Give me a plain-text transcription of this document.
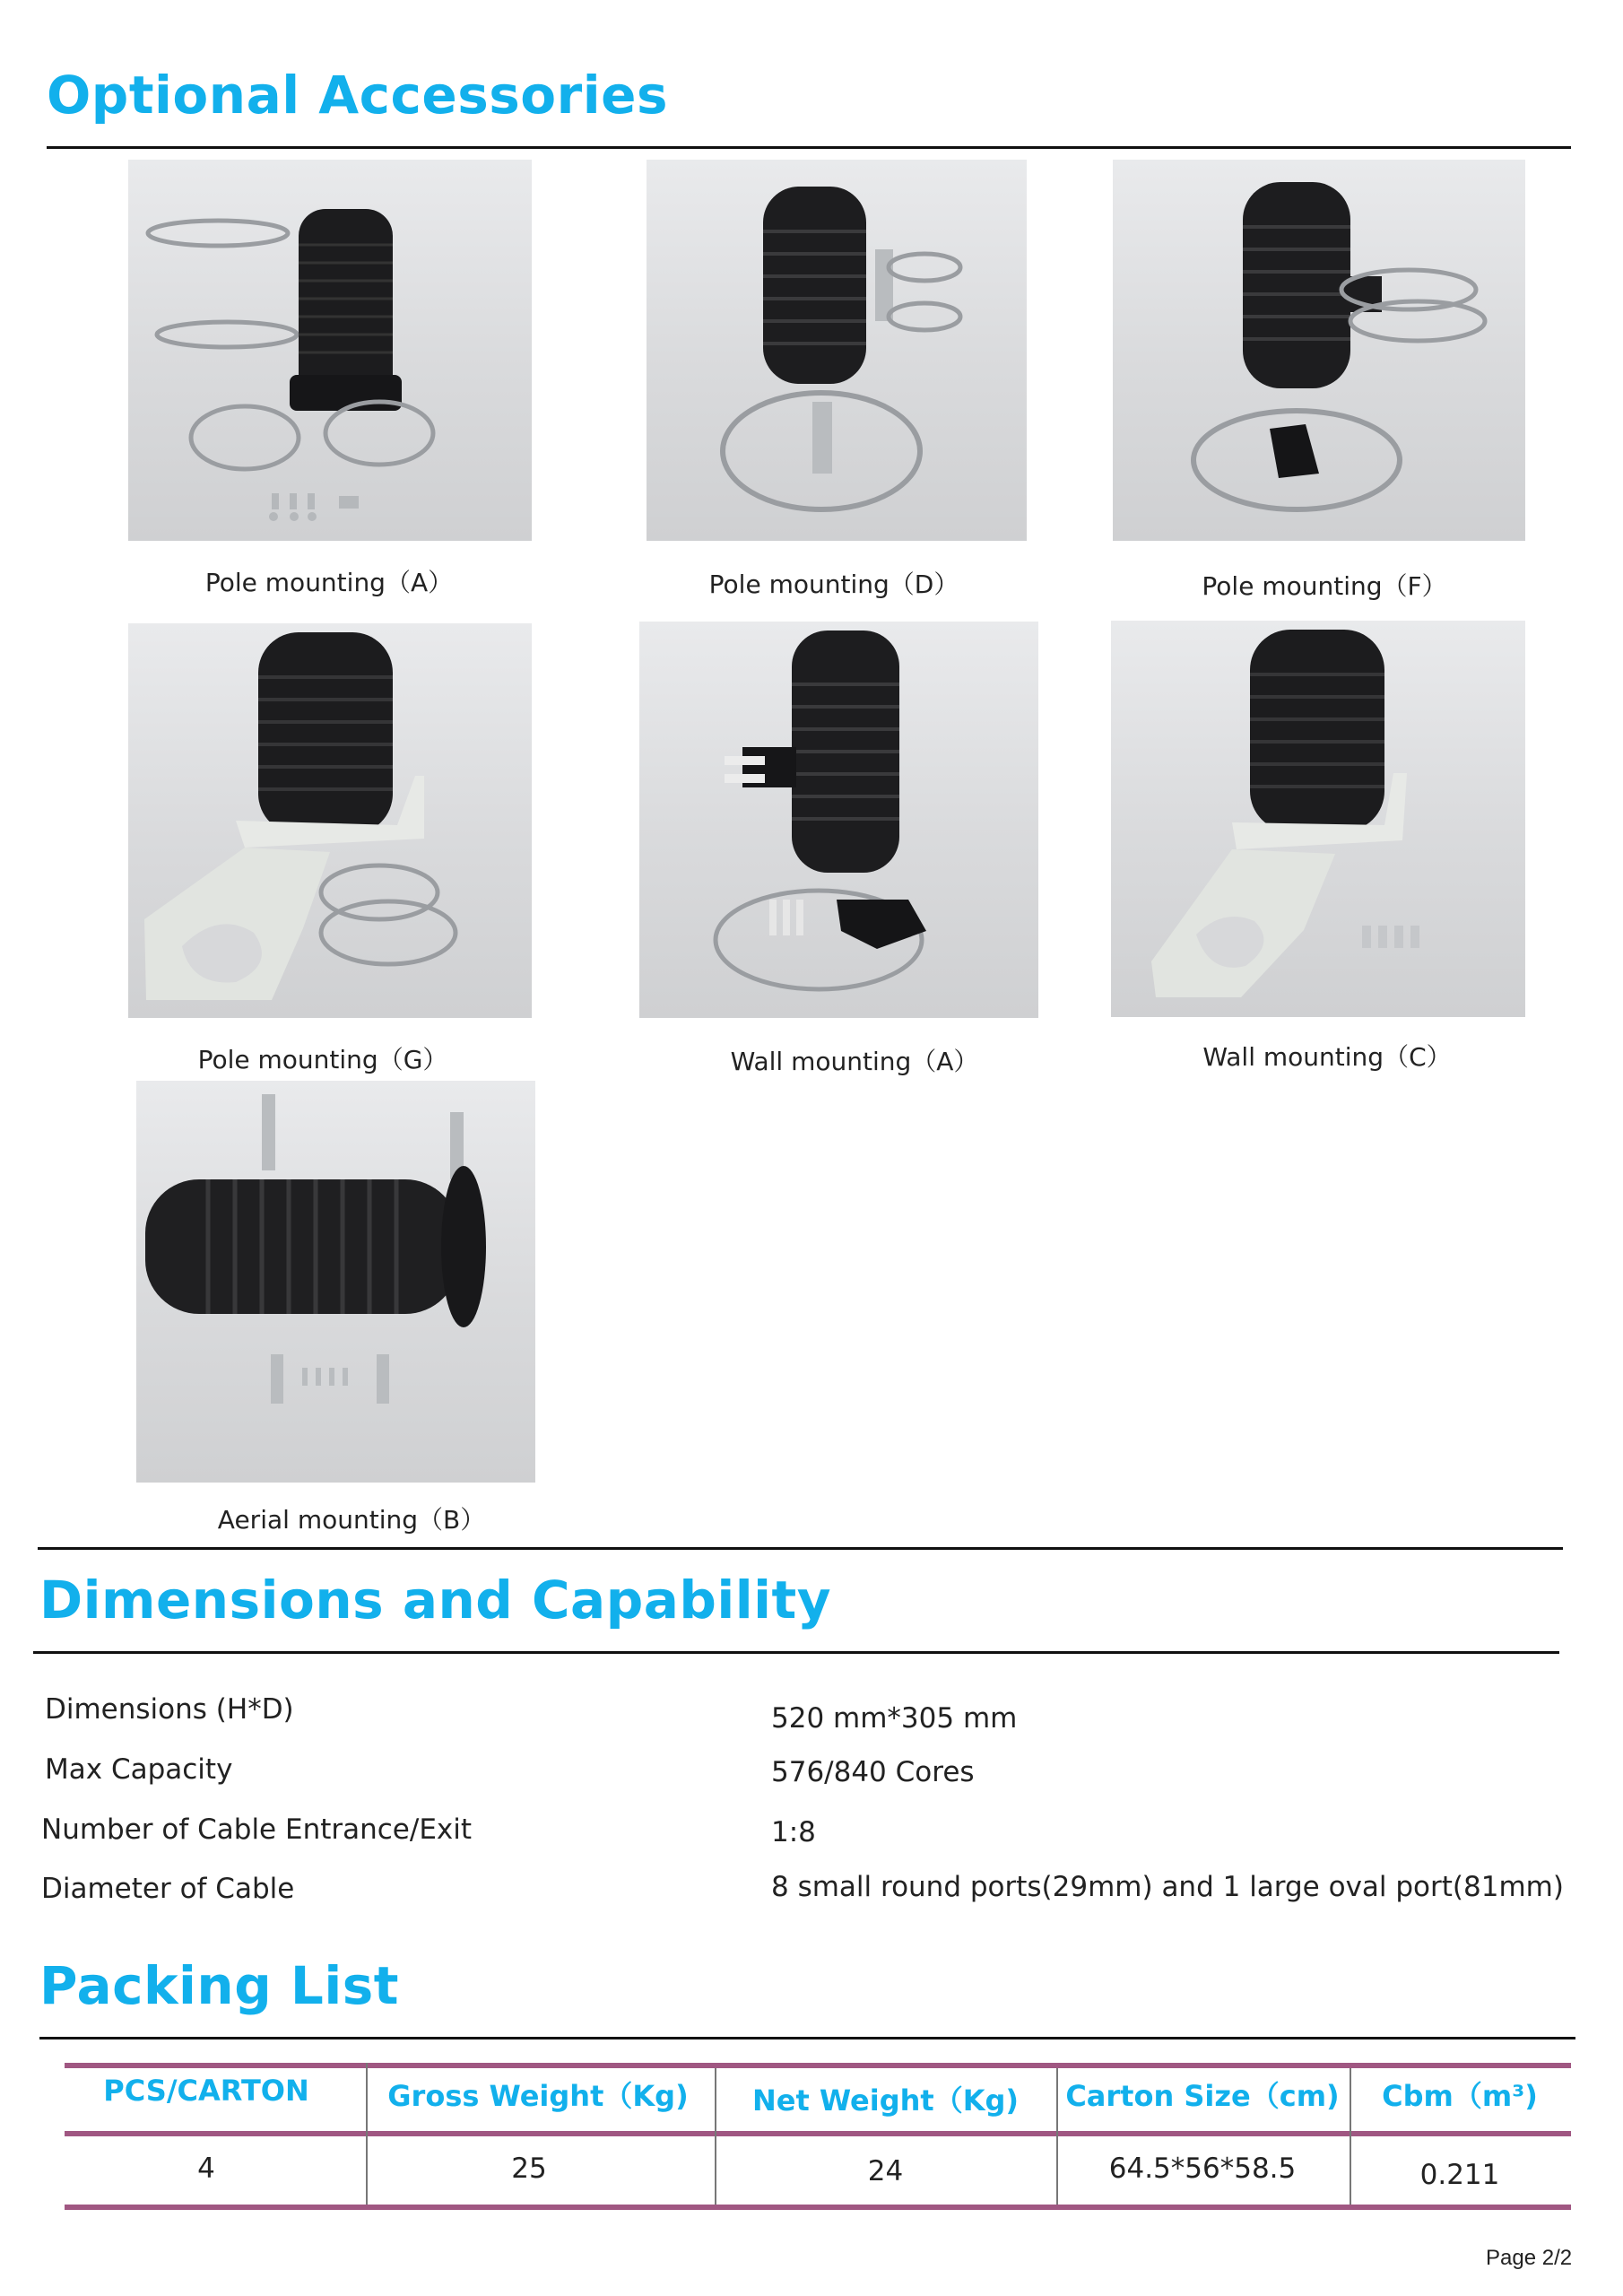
Optional Accessories
Pole mounting（A）	Pole mounting（D）	Pole mounting（F）
Pole mounting（G）	Wall mounting（A）	Wall mounting（C）
Aerial mounting（B）
Dimensions and Capability
Dimensions (H*D)	520 mm*305 mm
Max Capacity	576/840 Cores
Number of Cable Entrance/Exit	1:8
Diameter of Cable	8 small round ports(29mm) and 1 large oval port(81mm)
Packing List
PCS/CARTON	Gross Weight（Kg)	Net Weight（Kg)	Carton Size（cm)	Cbm（m³)
4	25	24	64.5*56*58.5	0.211
Page 2/2
